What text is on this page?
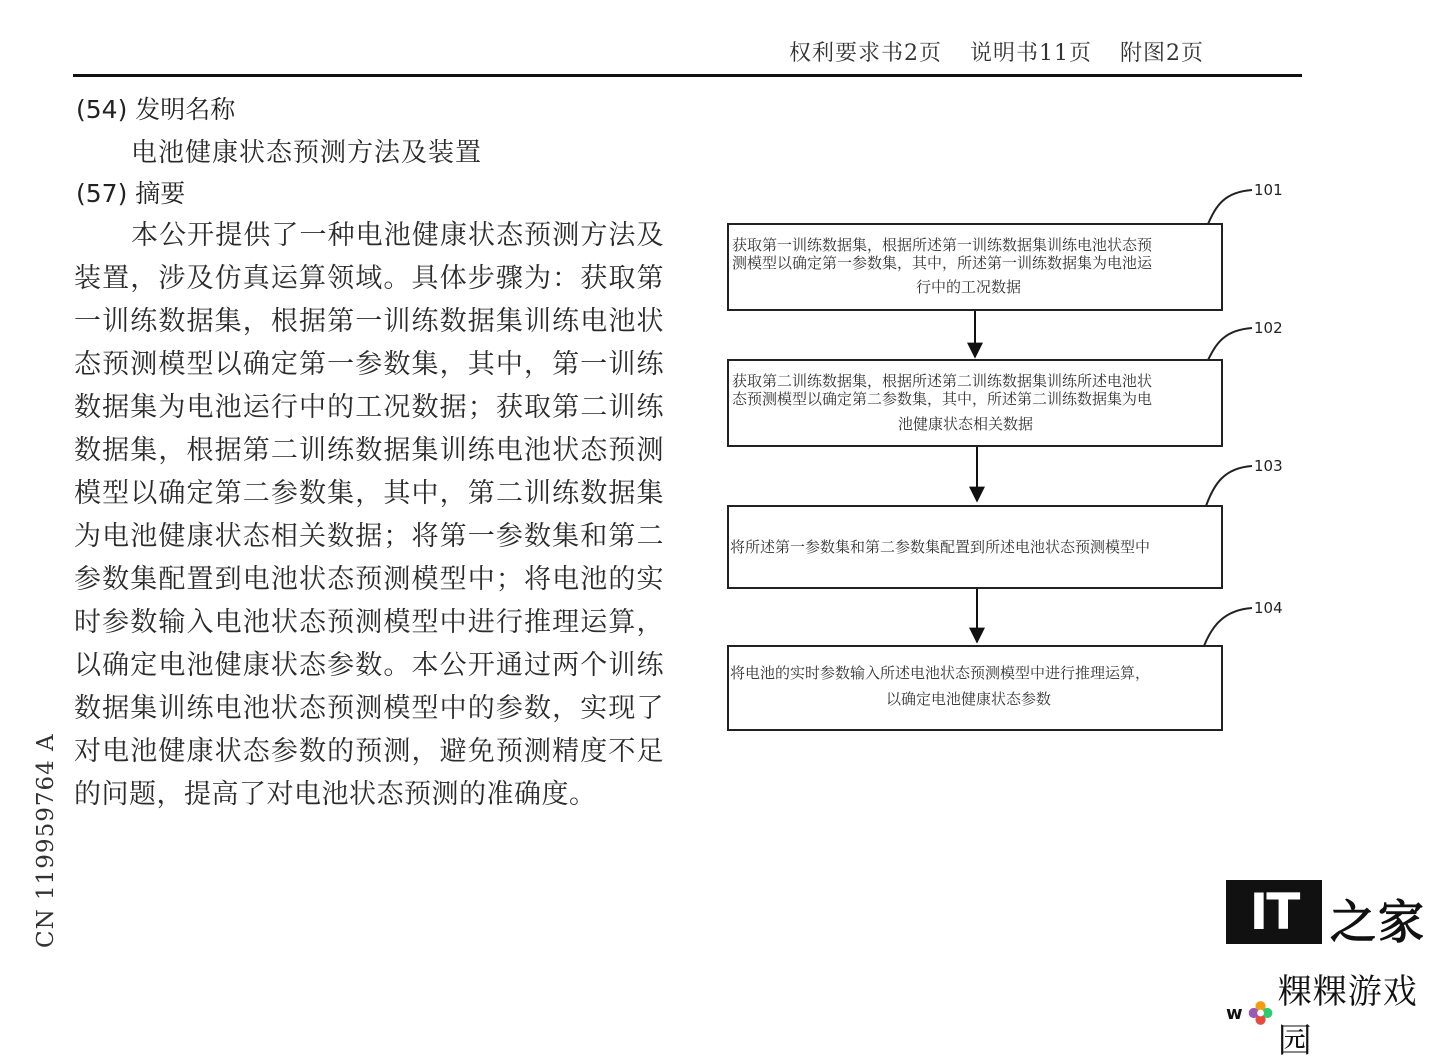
权利要求书2页 说明书11页 附图2页
(54) 发明名称
电池健康状态预测方法及装置
(57) 摘要

本公开提供了一种电池健康状态预测方法及装置，涉及仿真运算领域。具体步骤为：获取第一训练数据集，根据第一训练数据集训练电池状态预测模型以确定第一参数集，其中，第一训练数据集为电池运行中的工况数据；获取第二训练数据集，根据第二训练数据集训练电池状态预测模型以确定第二参数集，其中，第二训练数据集为电池健康状态相关数据；将第一参数集和第二参数集配置到电池状态预测模型中；将电池的实时参数输入电池状态预测模型中进行推理运算，以确定电池健康状态参数。本公开通过两个训练数据集训练电池状态预测模型中的参数，实现了对电池健康状态参数的预测，避免预测精度不足的问题，提高了对电池状态预测的准确度。

CN 119959764 A
获取第一训练数据集，根据所述第一训练数据集训练电池状态预
测模型以确定第一参数集，其中，所述第一训练数据集为电池运
行中的工况数据
101
获取第二训练数据集，根据所述第二训练数据集训练所述电池状
态预测模型以确定第二参数集，其中，所述第二训练数据集为电
池健康状态相关数据
102
将所述第一参数集和第二参数集配置到所述电池状态预测模型中
103
将电池的实时参数输入所述电池状态预测模型中进行推理运算，
以确定电池健康状态参数
104
IT 之家
w
粿粿游戏园
